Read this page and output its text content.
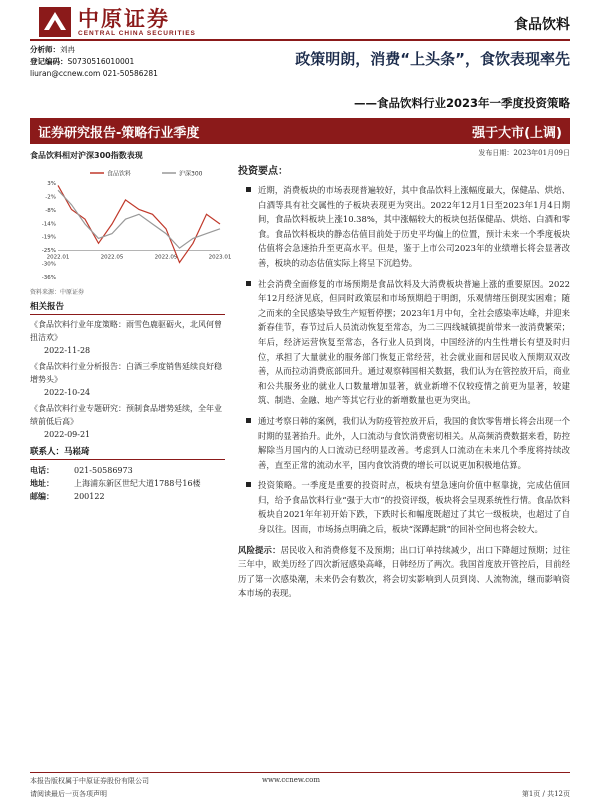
中原证券
CENTRAL CHINA SECURITIES	食品饮料
分析师：刘冉
登记编码：S0730516010001
liuran@ccnew.com 021-50586281
政策明朗，消费“上头条”，食饮表现率先
——食品饮料行业2023年一季度投资策略
证券研究报告-策略行业季度	强于大市(上调)
食品饮料相对沪深300指数表现
食品饮料	沪深300
3%
-2%
-8%
-14%
-19%
-25%
-30%
-36%
2022.01	2022.05	2022.09	2023.01
资料来源：中原证券
相关报告
《食品饮料行业年度策略：雨雪色鹿驱砺火，北风何曾扭洁欢》
2022-11-28
《食品饮料行业分析报告：白酒三季度销售延续良好稳增势头》
2022-10-24
《食品饮料行业专题研究：预制食品增势延续，全年业绩前低后高》
2022-09-21
联系人：马崧琦
电话：	021-50586973
地址：	上海浦东新区世纪大道1788号16楼
邮编：	200122
发布日期：2023年01月09日
投资要点：
近期，消费板块的市场表现普遍较好，其中食品饮料上涨幅度最大，保健品、烘焙、白酒等具有社交属性的子板块表现更为突出。2022年12月1日至2023年1月4日期间，食品饮料板块上涨10.38%，其中涨幅较大的板块包括保健品、烘焙、白酒和零食。食品饮料板块的静态估值目前处于历史平均偏上的位置，预计未来一个季度板块估值将会急速抬升至更高水平。但是，鉴于上市公司2023年的业绩增长将会显著改善，板块的动态估值实际上将呈下沉趋势。
社会消费全面修复的市场预期是食品饮料及大消费板块普遍上涨的重要原因。2022年12月经济见底，但同时政策层和市场预期趋于明朗，乐观情绪压倒现实困难；随之而来的全民感染导致生产短暂停摆；2023年1月中旬，全社会感染率达峰，并迎来新春佳节，春节过后人员流动恢复至常态，为二三四线城镇提前带来一波消费繁荣；年后，经济运营恢复至常态，各行业人员到岗，中国经济的内生性增长有望及时归位，承担了大量就业的服务部门恢复正常经营，社会就业面和居民收入预期双双改善，从而拉动消费底部回升。通过观察韩国相关数据，我们认为在管控放开后，商业和公共服务业的就业人口数量增加显著，就业新增不仅较疫情之前更为显著，较建筑、制造、金融、地产等其它行业的新增数量也更为突出。
通过考察日韩的案例，我们认为防疫管控放开后，我国的食饮零售增长将会出现一个时期的显著抬升。此外，人口流动与食饮消费密切相关。从高频消费数据来看，防控解除当月国内的人口流动已经明显改善。考虑到人口流动在未来几个季度将持续改善，直至正常的流动水平，国内食饮消费的增长可以说更加积极地估算。
投资策略。一季度是重要的投资时点，板块有望急速向价值中枢靠拢，完成估值回归，给予食品饮料行业“强于大市”的投资评级，板块将会呈现系统性行情。食品饮料板块自2021年年初开始下跌，下跌时长和幅度既超过了其它一级板块，也超过了自身以往。因而，市场扬点明确之后，板块“深蹲起跳”的回补空间也将会较大。
风险提示：居民收入和消费修复不及预期；出口订单持续减少，出口下降超过预期；过往三年中，欧美历经了四次新冠感染高峰，日韩经历了两次。我国首度放开管控后，目前经历了第一次感染潮，未来仍会有数次，将会切实影响到人员到岗、人流物流，继而影响资本市场的表现。
本报告版权属于中原证券股份有限公司	www.ccnew.com
请阅读最后一页各项声明	第1页 / 共12页
